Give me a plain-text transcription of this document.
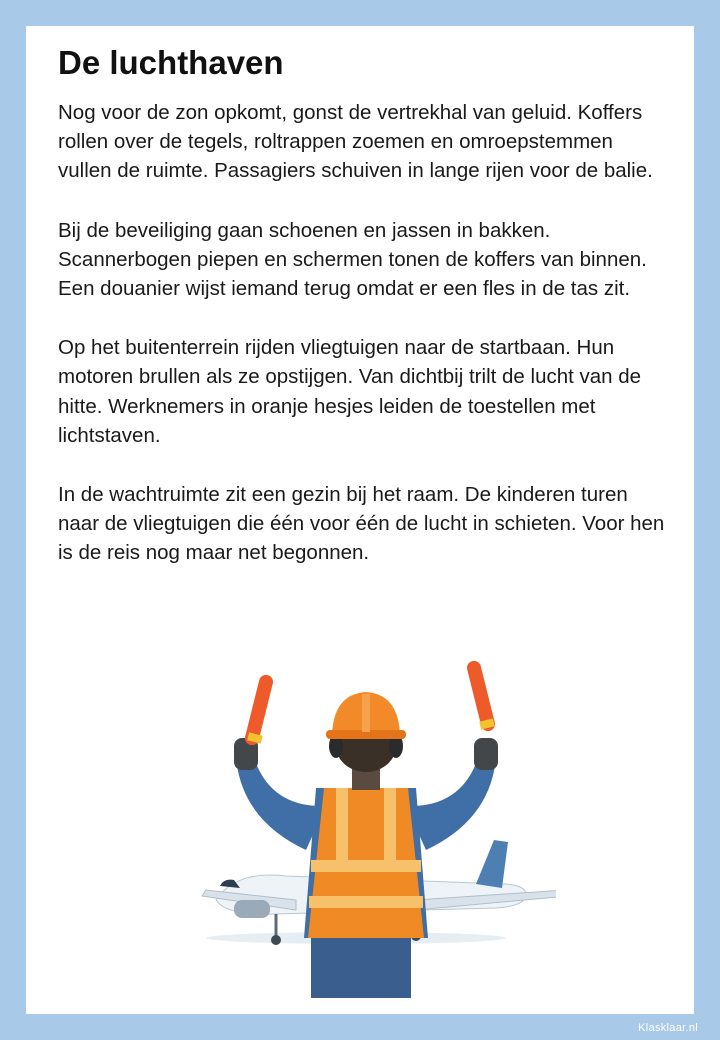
De luchthaven

Nog voor de zon opkomt, gonst de vertrekhal van geluid. Koffers rollen over de tegels, roltrappen zoemen en omroepstemmen vullen de ruimte. Passagiers schuiven in lange rijen voor de balie.

Bij de beveiliging gaan schoenen en jassen in bakken. Scannerbogen piepen en schermen tonen de koffers van binnen. Een douanier wijst iemand terug omdat er een fles in de tas zit.

Op het buitenterrein rijden vliegtuigen naar de startbaan. Hun motoren brullen als ze opstijgen. Van dichtbij trilt de lucht van de hitte. Werknemers in oranje hesjes leiden de toestellen met lichtstaven.

In de wachtruimte zit een gezin bij het raam. De kinderen turen naar de vliegtuigen die één voor één de lucht in schieten. Voor hen is de reis nog maar net begonnen.

Klasklaar.nl
